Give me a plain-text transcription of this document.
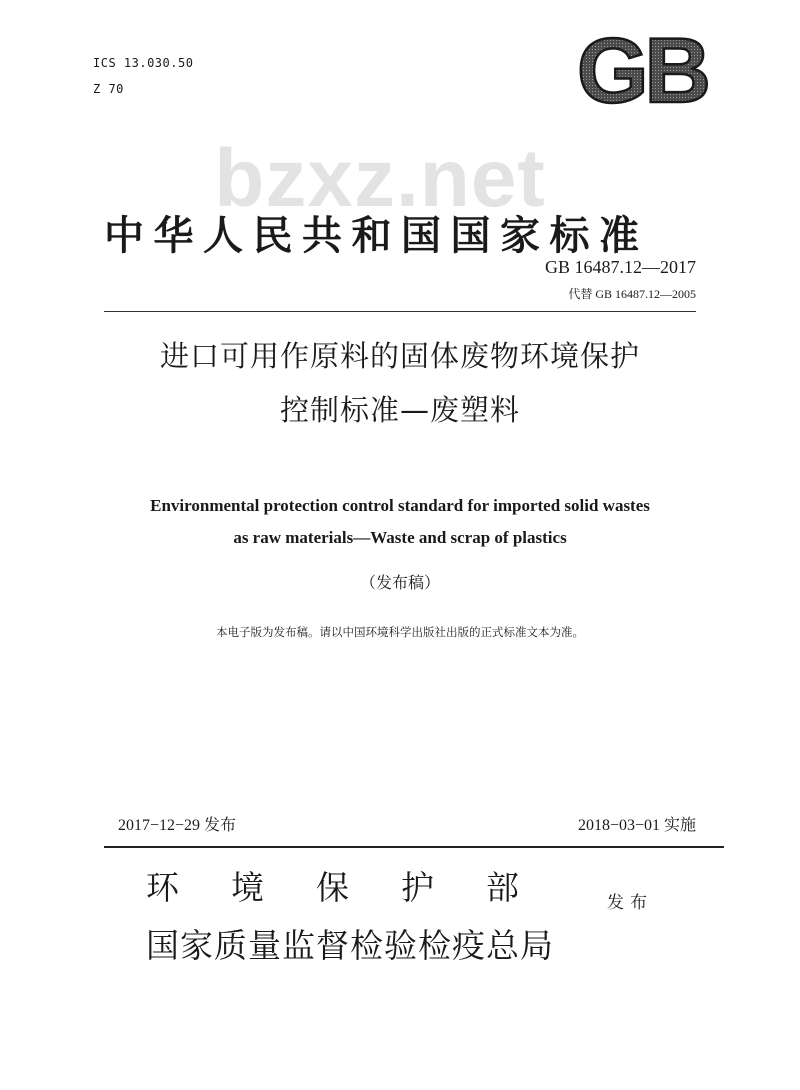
ICS 13.030.50
Z 70	GB
bzxz.net
中华人民共和国国家标准
GB 16487.12—2017
代替 GB 16487.12—2005
进口可用作原料的固体废物环境保护
控制标准—废塑料
Environmental protection control standard for imported solid wastes
as raw materials—Waste and scrap of plastics
（发布稿）
本电子版为发布稿。请以中国环境科学出版社出版的正式标准文本为准。
2017−12−29 发布	2018−03−01 实施
环境保护部 发布
国家质量监督检验检疫总局
